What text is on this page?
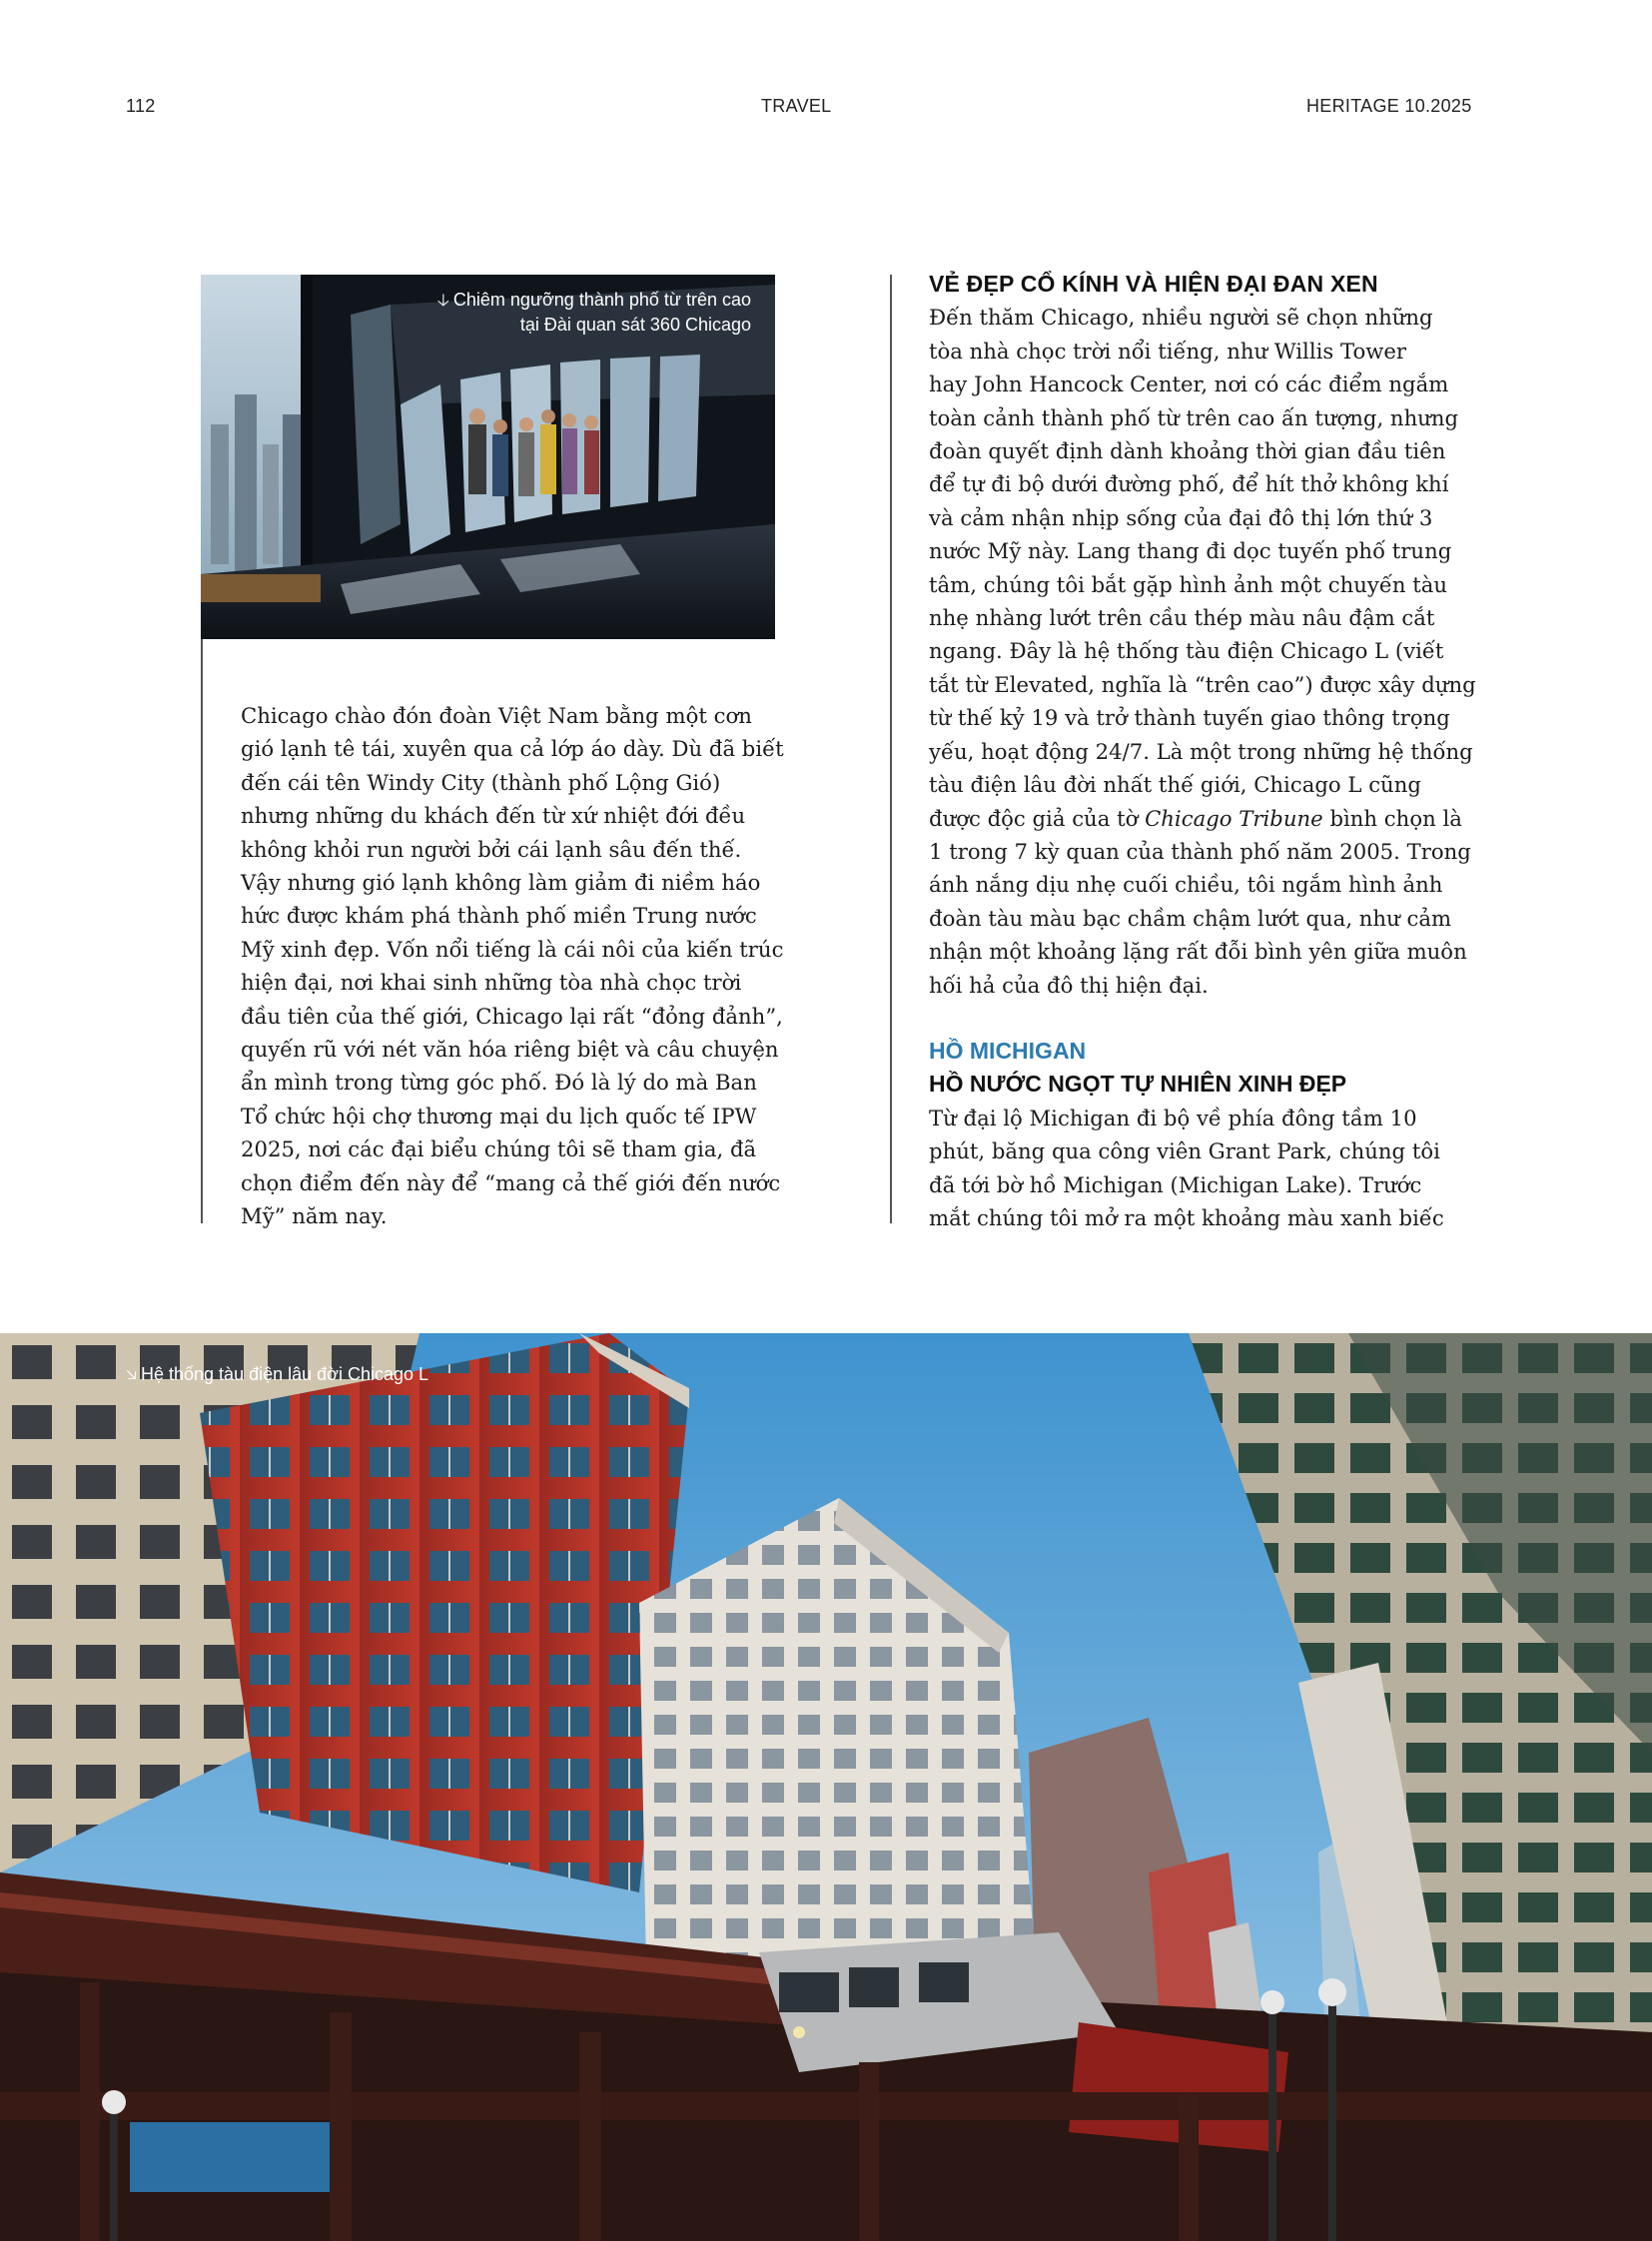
112	TRAVEL	HERITAGE 10.2025
🡣 Chiêm ngưỡng thành phố từ trên cao
tại Đài quan sát 360 Chicago

Chicago chào đón đoàn Việt Nam bằng một cơn
gió lạnh tê tái, xuyên qua cả lớp áo dày. Dù đã biết
đến cái tên Windy City (thành phố Lộng Gió)
nhưng những du khách đến từ xứ nhiệt đới đều
không khỏi run người bởi cái lạnh sâu đến thế.
Vậy nhưng gió lạnh không làm giảm đi niềm háo
hức được khám phá thành phố miền Trung nước
Mỹ xinh đẹp. Vốn nổi tiếng là cái nôi của kiến trúc
hiện đại, nơi khai sinh những tòa nhà chọc trời
đầu tiên của thế giới, Chicago lại rất “đỏng đảnh”,
quyến rũ với nét văn hóa riêng biệt và câu chuyện
ẩn mình trong từng góc phố. Đó là lý do mà Ban
Tổ chức hội chợ thương mại du lịch quốc tế IPW
2025, nơi các đại biểu chúng tôi sẽ tham gia, đã
chọn điểm đến này để “mang cả thế giới đến nước
Mỹ” năm nay.

VẺ ĐẸP CỔ KÍNH VÀ HIỆN ĐẠI ĐAN XEN

Đến thăm Chicago, nhiều người sẽ chọn những
tòa nhà chọc trời nổi tiếng, như Willis Tower
hay John Hancock Center, nơi có các điểm ngắm
toàn cảnh thành phố từ trên cao ấn tượng, nhưng
đoàn quyết định dành khoảng thời gian đầu tiên
để tự đi bộ dưới đường phố, để hít thở không khí
và cảm nhận nhịp sống của đại đô thị lớn thứ 3
nước Mỹ này. Lang thang đi dọc tuyến phố trung
tâm, chúng tôi bắt gặp hình ảnh một chuyến tàu
nhẹ nhàng lướt trên cầu thép màu nâu đậm cắt
ngang. Đây là hệ thống tàu điện Chicago L (viết
tắt từ Elevated, nghĩa là “trên cao”) được xây dựng
từ thế kỷ 19 và trở thành tuyến giao thông trọng
yếu, hoạt động 24/7. Là một trong những hệ thống
tàu điện lâu đời nhất thế giới, Chicago L cũng
được độc giả của tờ Chicago Tribune bình chọn là
1 trong 7 kỳ quan của thành phố năm 2005. Trong
ánh nắng dịu nhẹ cuối chiều, tôi ngắm hình ảnh
đoàn tàu màu bạc chầm chậm lướt qua, như cảm
nhận một khoảng lặng rất đỗi bình yên giữa muôn
hối hả của đô thị hiện đại.

HỒ MICHIGAN
HỒ NƯỚC NGỌT TỰ NHIÊN XINH ĐẸP

Từ đại lộ Michigan đi bộ về phía đông tầm 10
phút, băng qua công viên Grant Park, chúng tôi
đã tới bờ hồ Michigan (Michigan Lake). Trước
mắt chúng tôi mở ra một khoảng màu xanh biếc

🡦 Hệ thống tàu điện lâu đời Chicago L
